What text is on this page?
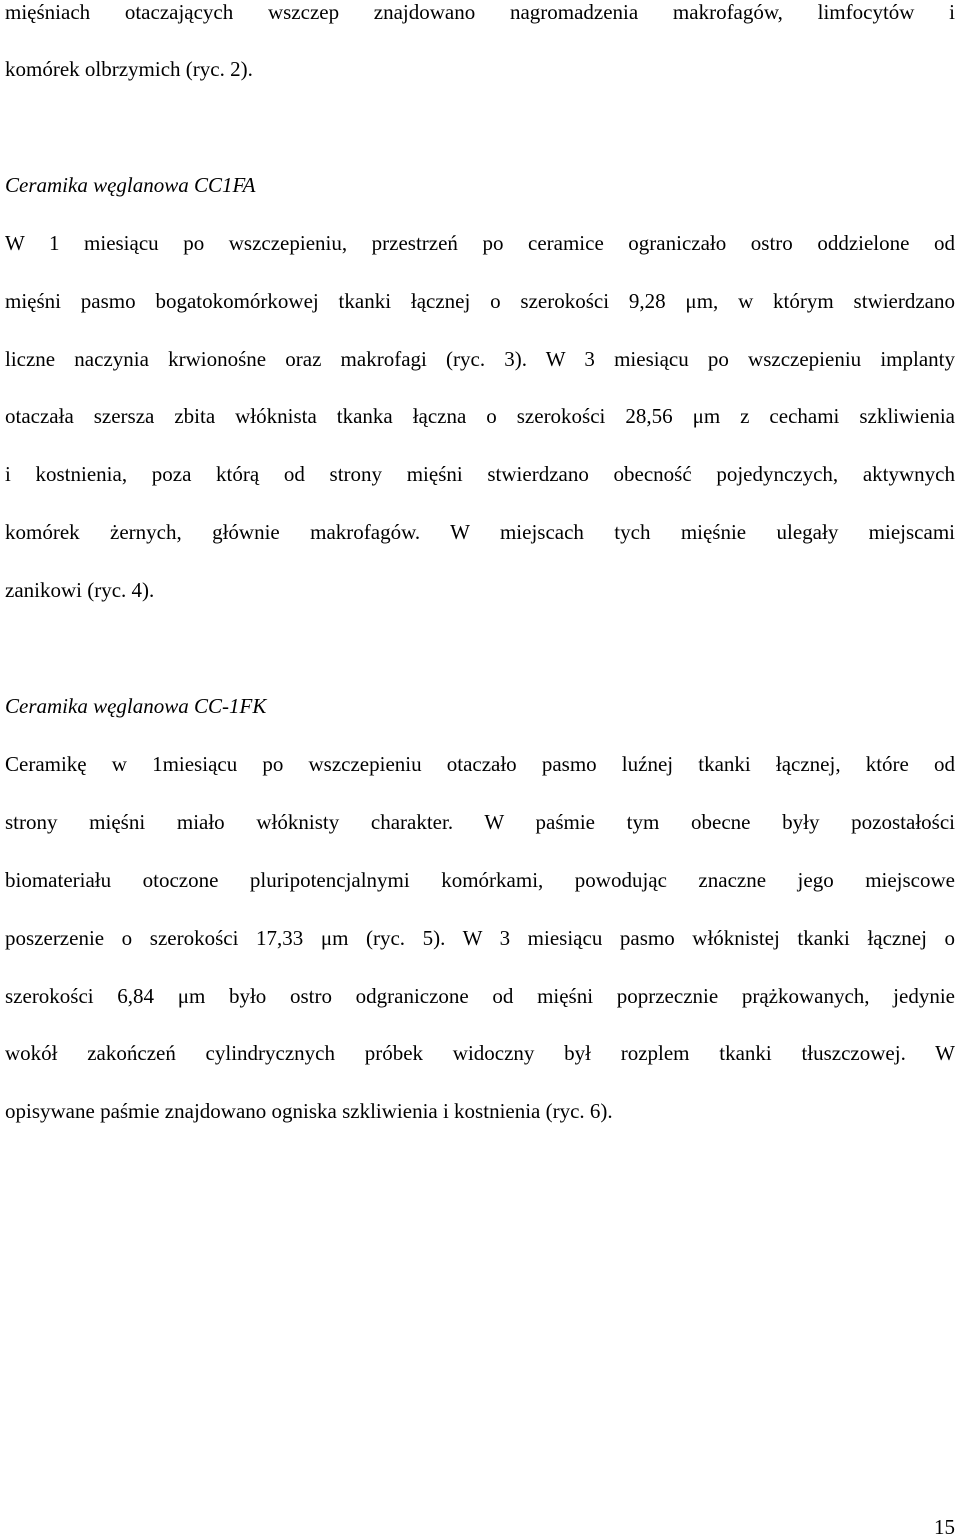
mięśniach otaczających wszczep znajdowano nagromadzenia makrofagów, limfocytów i
komórek olbrzymich (ryc. 2).
Ceramika węglanowa CC1FA
W 1 miesiącu po wszczepieniu, przestrzeń po ceramice ograniczało ostro oddzielone od
mięśni pasmo bogatokomórkowej tkanki łącznej o szerokości 9,28 μm, w którym stwierdzano
liczne naczynia krwionośne oraz makrofagi (ryc. 3). W 3 miesiącu po wszczepieniu implanty
otaczała szersza zbita włóknista tkanka łączna o szerokości 28,56 μm z cechami szkliwienia
i kostnienia, poza którą od strony mięśni stwierdzano obecność pojedynczych, aktywnych
komórek żernych, głównie makrofagów. W miejscach tych mięśnie ulegały miejscami
zanikowi (ryc. 4).
Ceramika węglanowa CC-1FK
Ceramikę w 1miesiącu po wszczepieniu otaczało pasmo luźnej tkanki łącznej, które od
strony mięśni miało włóknisty charakter. W paśmie tym obecne były pozostałości
biomateriału otoczone pluripotencjalnymi komórkami, powodując znaczne jego miejscowe
poszerzenie o szerokości 17,33 μm (ryc. 5). W 3 miesiącu pasmo włóknistej tkanki łącznej o
szerokości 6,84 μm było ostro odgraniczone od mięśni poprzecznie prążkowanych, jedynie
wokół zakończeń cylindrycznych próbek widoczny był rozplem tkanki tłuszczowej. W
opisywane paśmie znajdowano ogniska szkliwienia i kostnienia (ryc. 6).
15
